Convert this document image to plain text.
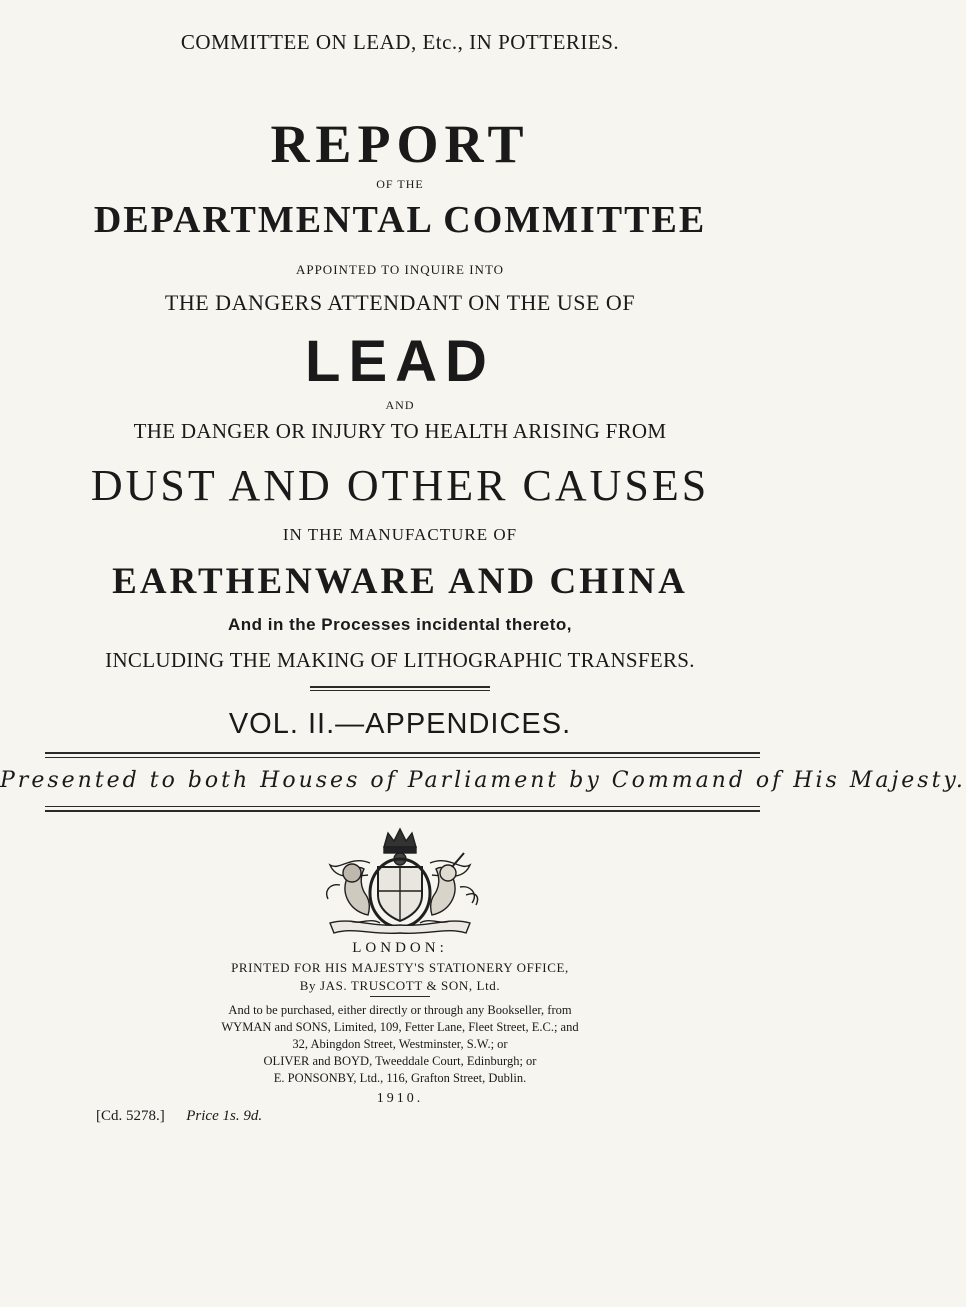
COMMITTEE ON LEAD, Etc., IN POTTERIES.
REPORT
OF THE
DEPARTMENTAL COMMITTEE
APPOINTED TO INQUIRE INTO
THE DANGERS ATTENDANT ON THE USE OF
LEAD
AND
THE DANGER OR INJURY TO HEALTH ARISING FROM
DUST AND OTHER CAUSES
IN THE MANUFACTURE OF
EARTHENWARE AND CHINA
And in the Processes incidental thereto,
INCLUDING THE MAKING OF LITHOGRAPHIC TRANSFERS.
VOL. II.—APPENDICES.
Presented to both Houses of Parliament by Command of His Majesty.
LONDON:
PRINTED FOR HIS MAJESTY'S STATIONERY OFFICE,
By JAS. TRUSCOTT & SON, Ltd.
And to be purchased, either directly or through any Bookseller, from
WYMAN and SONS, Limited, 109, Fetter Lane, Fleet Street, E.C.; and
32, Abingdon Street, Westminster, S.W.; or
OLIVER and BOYD, Tweeddale Court, Edinburgh; or
E. PONSONBY, Ltd., 116, Grafton Street, Dublin.
1910.
[Cd. 5278.] Price 1s. 9d.
